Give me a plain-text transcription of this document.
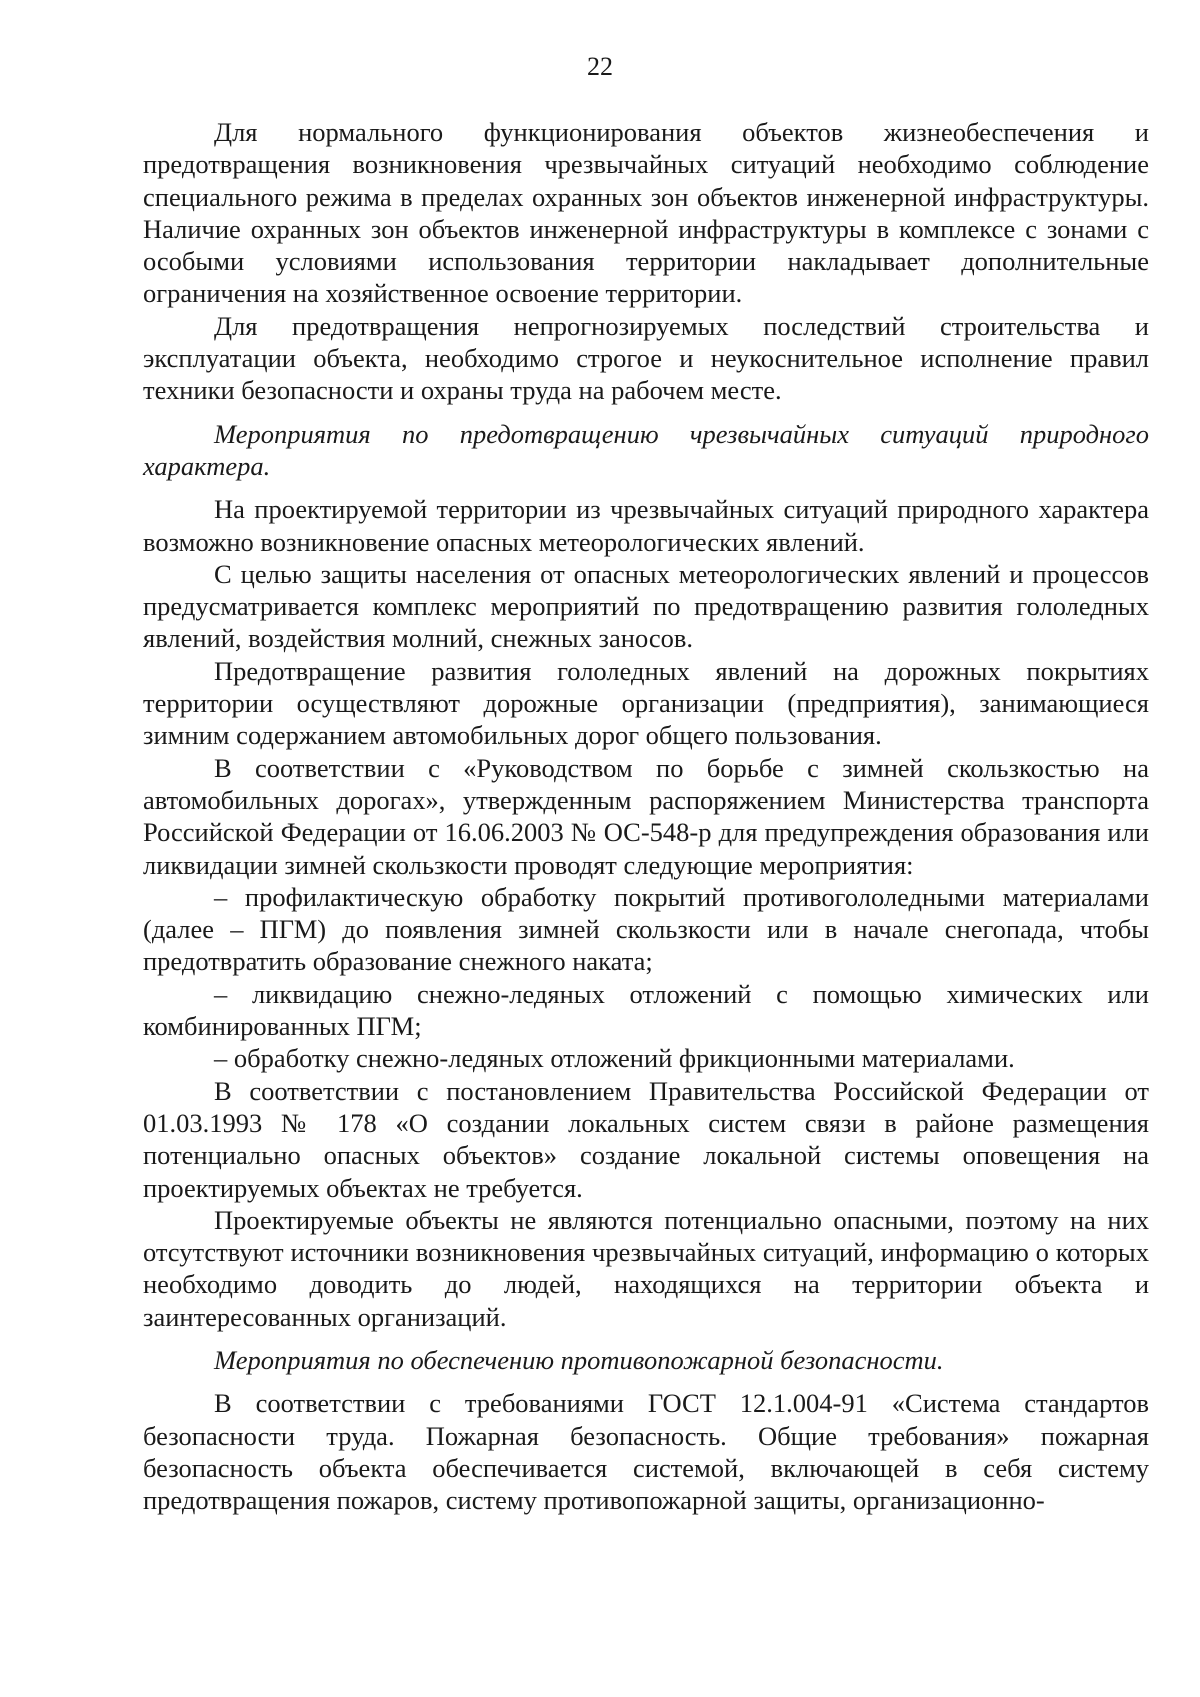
22

Для нормального функционирования объектов жизнеобеспечения и предотвращения возникновения чрезвычайных ситуаций необходимо соблюдение специального режима в пределах охранных зон объектов инженерной инфраструктуры. Наличие охранных зон объектов инженерной инфраструктуры в комплексе с зонами с особыми условиями использования территории накладывает дополнительные ограничения на хозяйственное освоение территории.

Для предотвращения непрогнозируемых последствий строительства и эксплуатации объекта, необходимо строгое и неукоснительное исполнение правил техники безопасности и охраны труда на рабочем месте.

Мероприятия по предотвращению чрезвычайных ситуаций природного характера.

На проектируемой территории из чрезвычайных ситуаций природного характера возможно возникновение опасных метеорологических явлений.

С целью защиты населения от опасных метеорологических явлений и процессов предусматривается комплекс мероприятий по предотвращению развития гололедных явлений, воздействия молний, снежных заносов.

Предотвращение развития гололедных явлений на дорожных покрытиях территории осуществляют дорожные организации (предприятия), занимающиеся зимним содержанием автомобильных дорог общего пользования.

В соответствии с «Руководством по борьбе с зимней скользкостью на автомобильных дорогах», утвержденным распоряжением Министерства транспорта Российской Федерации от 16.06.2003 № ОС-548-р для предупреждения образования или ликвидации зимней скользкости проводят следующие мероприятия:

– профилактическую обработку покрытий противогололедными материалами (далее – ПГМ) до появления зимней скользкости или в начале снегопада, чтобы предотвратить образование снежного наката;

– ликвидацию снежно-ледяных отложений с помощью химических или комбинированных ПГМ;

– обработку снежно-ледяных отложений фрикционными материалами.

В соответствии с постановлением Правительства Российской Федерации от 01.03.1993 № 178 «О создании локальных систем связи в районе размещения потенциально опасных объектов» создание локальной системы оповещения на проектируемых объектах не требуется.

Проектируемые объекты не являются потенциально опасными, поэтому на них отсутствуют источники возникновения чрезвычайных ситуаций, информацию о которых необходимо доводить до людей, находящихся на территории объекта и заинтересованных организаций.

Мероприятия по обеспечению противопожарной безопасности.

В соответствии с требованиями ГОСТ 12.1.004-91 «Система стандартов безопасности труда. Пожарная безопасность. Общие требования» пожарная безопасность объекта обеспечивается системой, включающей в себя систему предотвращения пожаров, систему противопожарной защиты, организационно-
